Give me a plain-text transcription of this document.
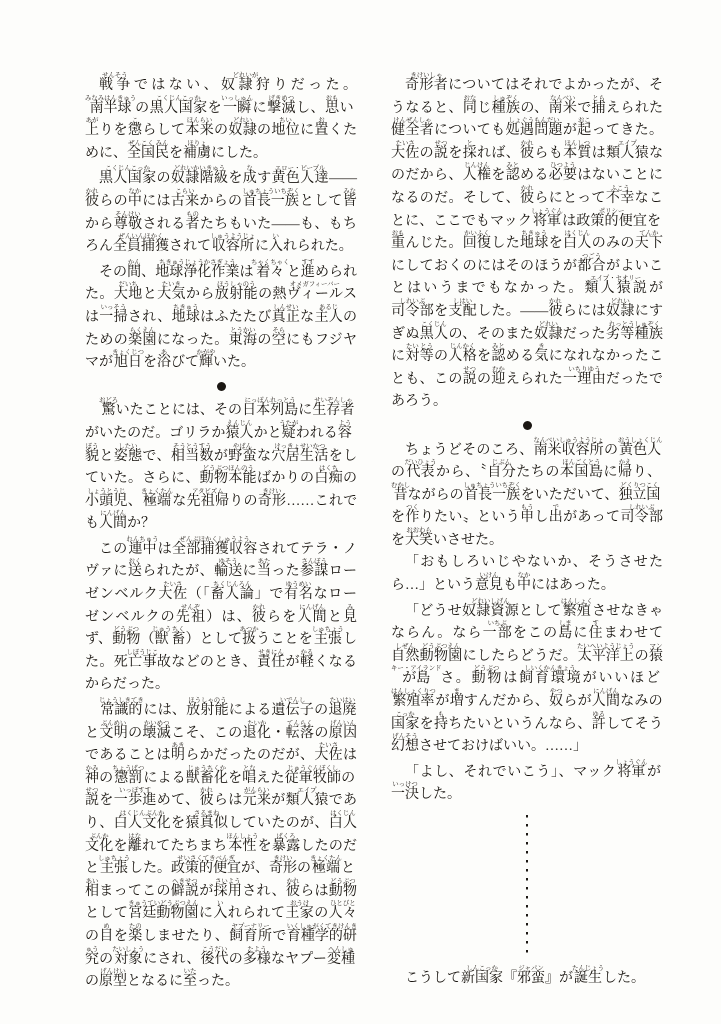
戦争せんそうではない、奴隷狩どれいがりだった。南半球みなみはんきゅうの黒人国家こくじんこっかを一瞬いっしゅんに撃滅げきめつし、思おもい上あがりを懲こらして本来ほんらいの奴隷どれいの地位ちいに置おくために、全国ぜんこく民みんを補虜ほりょにした。

黒人国家こくじんこっかの奴隷階級どれいかいきゅうを成なす黄色人達エロー・ピープル——彼かれらの中なかには古来こらいからの首長一族しゅちょういちぞくとして皆みなから尊敬そんけいされる者ものたちもいた——も、もちろん全員捕獲ぜんいんほかくされて収容所しゅうようじょに入いれられた。

その間かん、地球浄化作業ちきゅうじょうかさぎょうは着々ちゃくちゃくと進すすめられた。大地だいちと大気たいきから放射能ほうしゃのうの熱ヴィールスオメガフィーバーは一掃いっそうされ、地球ちきゅうはふたたび真正しんせいな主人あるじのための楽園らくえんになった。東海とうかいの空そらにもフジヤマが旭日きょくじつを浴あびて輝かがやいた。

驚おどろいたことには、その日本列島にっぽんれっとうに生存者せいぞんしゃがいたのだ。ゴリラか猿人えんじんかと疑うたがわれる容よう貌ぼうと姿態したいで、相当数そうとうすうが野蛮やばんな穴居生活けっきょせいかつをしていた。さらに、動物本能どうぶつほんのうばかりの白痴はくちの小頭児しょうとうじ、極端きょくたんな先祖帰アタビズムりの奇形きけい……これでも人間にんげんか？

この連中れんちゅうは全部捕獲収容ぜんぶほかくしゅうようされてテラ・ノヴァに送おくられたが、輸送ゆそうに当あたった参謀さんぼうローゼンベルク大佐たいさ（「畜人論ちくじんろん」で有名ゆうめいなローゼンベルクの先祖せんぞ）は、彼かれらを人間にんげんと見みず、動物どうぶつ（獣じゅう畜ちく）として扱あつかうことを主張しゅちょうした。死亡事故しぼうじこなどのとき、責任せきにんが軽かるくなるからだった。

常識的じょうしきてきには、放射能ほうしゃのうによる遺伝子いでんしの退廃たいはいと文明ぶんめいの壊滅かいめつこそ、この退化たいか・転落てんらくの原因げんいんであることは明あきらかだったのだが、大佐たいさは神かみの懲罰ちょうばつによる獣畜化じゅうちくかを唱となえた従軍牧師じゅうぐんぼくしの説せつを一歩進いっぽすすめて、彼かれらは元来がんらいが類人猿エイプであり、白人文化はくじんぶんかを猿真似さるまねしていたのが、白人はくじん文化ぶんかを離はなれてたちまち本性ほんしょうを暴露ばくろしたのだと主張しゅちょうした。政策的便宜せいさくてきべんぎが、奇形きけいの極端きょくたんと相あいまってこの僻説へきせつが採用さいようされ、彼かれらは動物どうぶつとして宮廷動物園きゅうていどうぶつえんに入いれられて王家おうけの人々ひとびとの目めを楽たのしませたり、飼育所ヤプーナリーで育種学的研究いくしゅがくてきけんきゅうの対象たいしょうにされ、後代こうだいの多様たようなヤプー変種へんしゅの原型げんけいとなるに至いたった。

奇形者きけいしゃについてはそれでよかったが、そうなると、同おなじ種族しゅぞくの、南米なんべいで捕とらえられた健全者けんぜんしゃについても処遇問題しょぐうもんだいが起おこってきた。大佐たいさの説せつを採とれば、彼かれらも本質ほんしつは類人猿エイプなのだから、人権じんけんを認みとめる必要ひつようはないことになるのだ。そして、彼かれらにとって不幸ふこうなことに、ここでもマック将軍しょうぐんは政策的便宜ポリシーを重おもんじた。回復かいふくした地球ちきゅうを白人はくじんのみの天下てんかにしておくのにはそのほうが都合つごうがよいことはいうまでもなかった。類人猿説エイプ・セオリーが司令部しれいぶを支配しはいした。——彼かれらには奴隷どれいにすぎぬ黒人こくじんの、そのまた奴隷どれいだった劣等種族れっとうしゅぞくに対たい等とうの人格じんかくを認みとめる気きになれなかったことも、この説せつの迎むかえられた一理由いちりゆうだったであろう。

ちょうどそのころ、南米収容所なんべいしゅうようじょの黄色人おうしょくじんの代表だいひょうから、〝自分じぶんたちの本国島ほんごくとうに帰かえり、昔むかしながらの首長一族しゅちょういちぞくをいただいて、独立国どくりつこくを作つくりたい〟という申もうし出でがあって司令部しれいぶを大笑おおわらいさせた。

「おもしろいじやないか、そうさせたら…」という意見いけんも中なかにはあった。

「どうせ奴隷資源どれいしげんとして繁殖はんしょくさせなきゃならん。なら一部いちぶをこの島しまに住すまわせて自然しぜん動物園どうぶつえんにしたらどうだ。太平洋上たいへいようじょうの猿が島マンキー・アイランドさ。動物どうぶつは飼育環境しいくかんきょうがいいほど繁殖率はんしょくりつが増ますんだから、奴やつらが人間にんげんなみの国家こっかを持もちたいというんなら、許ゆるしてそう幻想げんそうさせておけばいい。……」

「よし、それでいこう」、マック将軍しょうぐんが一決いっけつした。

こうして新国家しんこっか『邪蛮ジャパン』が誕生たんじょうした。
